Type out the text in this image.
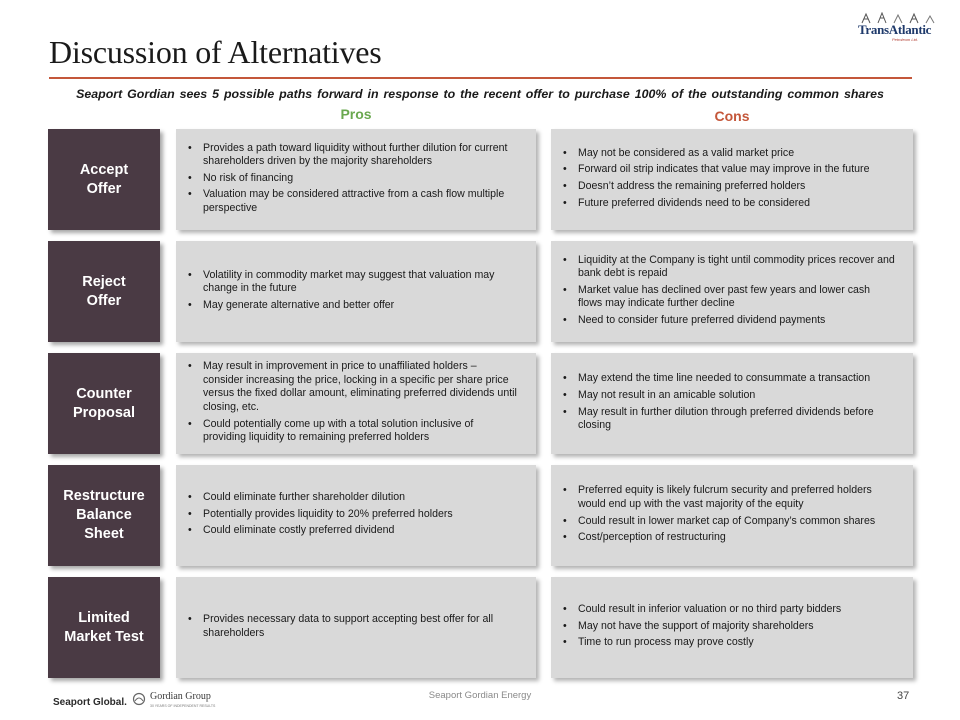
Discussion of Alternatives
TransAtlantic
Petroleum Ltd.
Seaport Gordian sees 5 possible paths forward in response to the recent offer to purchase 100% of the outstanding common shares
Pros	Cons
Accept
Offer
• Provides a path toward liquidity without further dilution for current shareholders driven by the majority shareholders
• No risk of financing
• Valuation may be considered attractive from a cash flow multiple perspective
• May not be considered as a valid market price
• Forward oil strip indicates that value may improve in the future
• Doesn’t address the remaining preferred holders
• Future preferred dividends need to be considered
Reject
Offer
• Volatility in commodity market may suggest that valuation may change in the future
• May generate alternative and better offer
• Liquidity at the Company is tight until commodity prices recover and bank debt is repaid
• Market value has declined over past few years and lower cash flows may indicate further decline
• Need to consider future preferred dividend payments
Counter
Proposal
• May result in improvement in price to unaffiliated holders – consider increasing the price, locking in a specific per share price versus the fixed dollar amount, eliminating preferred dividends until closing, etc.
• Could potentially come up with a total solution inclusive of providing liquidity to remaining preferred holders
• May extend the time line needed to consummate a transaction
• May not result in an amicable solution
• May result in further dilution through preferred dividends before closing
Restructure
Balance
Sheet
• Could eliminate further shareholder dilution
• Potentially provides liquidity to 20% preferred holders
• Could eliminate costly preferred dividend
• Preferred equity is likely fulcrum security and preferred holders would end up with the vast majority of the equity
• Could result in lower market cap of Company’s common shares
• Cost/perception of restructuring
Limited
Market Test
• Provides necessary data to support accepting best offer for all shareholders
• Could result in inferior valuation or no third party bidders
• May not have the support of majority shareholders
• Time to run process may prove costly
Seaport Global.
Gordian Group
30 YEARS OF INDEPENDENT RESULTS
Seaport Gordian Energy	37
